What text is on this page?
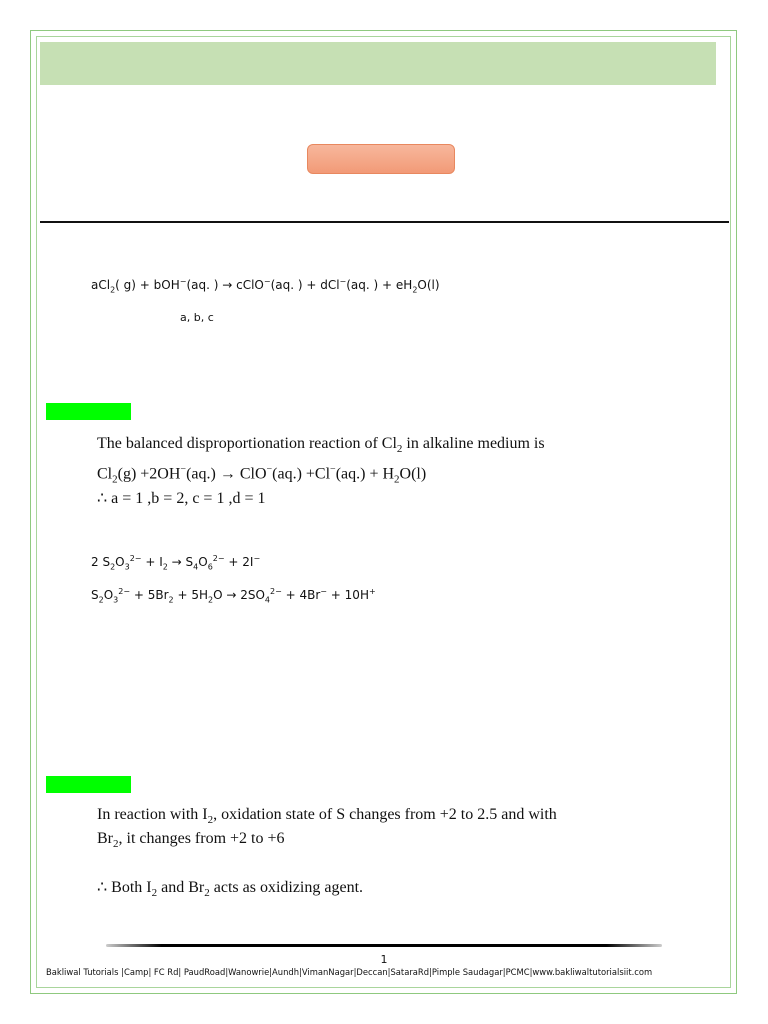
aCl$_2$( g) + bOH−(aq. ) → cClO−(aq. ) + dCl−(aq. ) + $eH_2O(l)$
a, b, c
The balanced disproportionation reaction of $Cl_2$ in alkaline medium is
$Cl_2(g) +2OH^-(aq.) \to ClO^-(aq.) +Cl^-(aq.) + H_2O(l)$
∴ a = 1 ,b = 2, c = 1 ,d = 1
2 $S_2O_3^{2-} + I_2 \to S_4O_6^{2-} + 2I^-$
$S_2O_3^{2-} + 5Br_2 + 5H_2O \to 2SO_4^{2-} + 4Br^- + 10H^+$
In reaction with $I_2$, oxidation state of S changes from +2 to 2.5 and with
$Br_2$, it changes from +2 to +6
∴ Both $I_2$ and $Br_2$ acts as oxidizing agent.
1
Bakliwal Tutorials |Camp| FC Rd| PaudRoad|Wanowrie|Aundh|VimanNagar|Deccan|SataraRd|Pimple Saudagar|PCMC|www.bakliwaltutorialsiit.com
